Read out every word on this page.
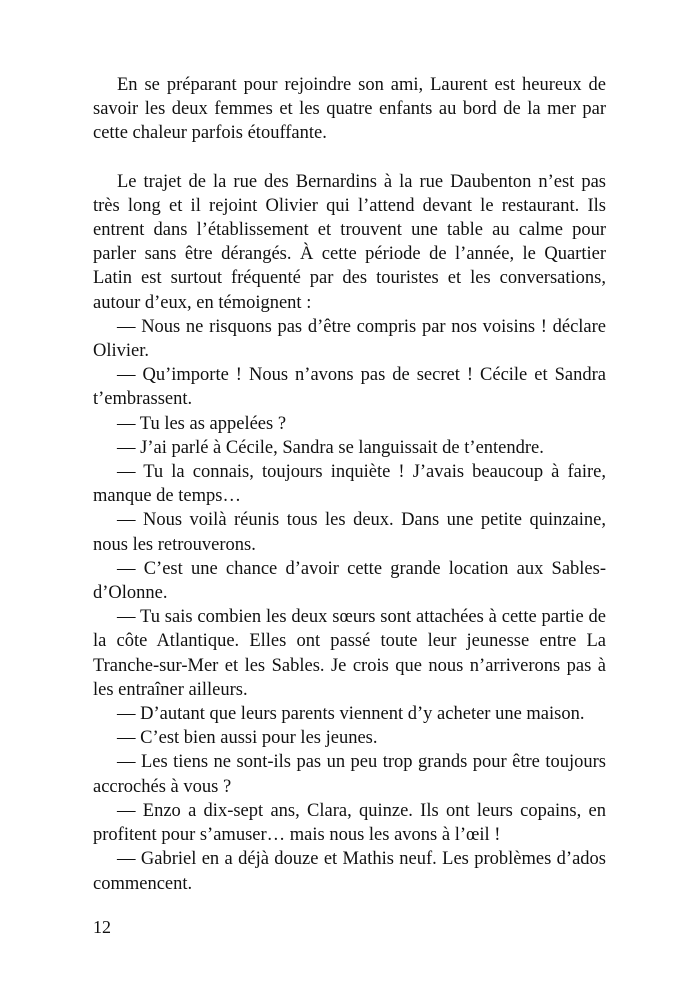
En se préparant pour rejoindre son ami, Laurent est heureux de savoir les deux femmes et les quatre enfants au bord de la mer par cette chaleur parfois étouffante.

Le trajet de la rue des Bernardins à la rue Daubenton n’est pas très long et il rejoint Olivier qui l’attend devant le restaurant. Ils entrent dans l’établissement et trouvent une table au calme pour parler sans être dérangés. À cette période de l’année, le Quartier Latin est surtout fréquenté par des touristes et les conversations, autour d’eux, en témoignent :

— Nous ne risquons pas d’être compris par nos voisins ! déclare Olivier.

— Qu’importe ! Nous n’avons pas de secret ! Cécile et Sandra t’embrassent.

— Tu les as appelées ?

— J’ai parlé à Cécile, Sandra se languissait de t’entendre.

— Tu la connais, toujours inquiète ! J’avais beaucoup à faire, manque de temps…

— Nous voilà réunis tous les deux. Dans une petite quinzaine, nous les retrouverons.

— C’est une chance d’avoir cette grande location aux Sables-d’Olonne.

— Tu sais combien les deux sœurs sont attachées à cette partie de la côte Atlantique. Elles ont passé toute leur jeunesse entre La Tranche-sur-Mer et les Sables. Je crois que nous n’arriverons pas à les entraîner ailleurs.

— D’autant que leurs parents viennent d’y acheter une maison.

— C’est bien aussi pour les jeunes.

— Les tiens ne sont-ils pas un peu trop grands pour être toujours accrochés à vous ?

— Enzo a dix-sept ans, Clara, quinze. Ils ont leurs copains, en profitent pour s’amuser… mais nous les avons à l’œil !

— Gabriel en a déjà douze et Mathis neuf. Les problèmes d’ados commencent.

12
